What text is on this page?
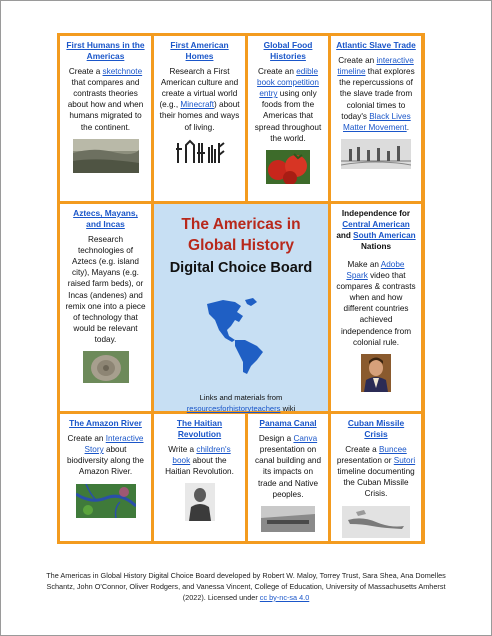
First Humans in the Americas
Create a sketchnote that compares and contrasts theories about how and when humans migrated to the continent.
First American Homes
Research a First American culture and create a virtual world (e.g., Minecraft) about their homes and ways of living.
Global Food Histories
Create an edible book competition entry using only foods from the Americas that spread throughout the world.
Atlantic Slave Trade
Create an interactive timeline that explores the repercussions of the slave trade from colonial times to today's Black Lives Matter Movement.
Aztecs, Mayans, and Incas
Research technologies of Aztecs (e.g. island city), Mayans (e.g. raised farm beds), or Incas (andenes) and remix one into a piece of technology that would be relevant today.
The Americas in Global History
Digital Choice Board
Links and materials from
resourcesforhistoryteachers wiki
Independence for Central American and South American Nations
Make an Adobe Spark video that compares & contrasts when and how different countries achieved independence from colonial rule.
The Amazon River
Create an Interactive Story about biodiversity along the Amazon River.
The Haitian Revolution
Write a children's book about the Haitian Revolution.
Panama Canal
Design a Canva presentation on canal building and its impacts on trade and Native peoples.
Cuban Missile Crisis
Create a Buncee presentation or Sutori timeline documenting the Cuban Missile Crisis.
The Americas in Global History Digital Choice Board developed by Robert W. Maloy, Torrey Trust, Sara Shea, Ana Domelles Schantz, John O'Connor, Oliver Rodgers, and Vanessa Vincent, College of Education, University of Massachusetts Amherst (2022). Licensed under cc by-nc-sa 4.0
